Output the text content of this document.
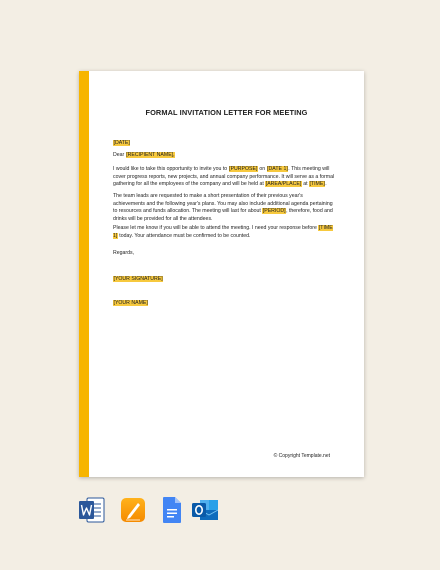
FORMAL INVITATION LETTER FOR MEETING
[DATE]
Dear [RECIPIENT NAME],
I would like to take this opportunity to invite you to [PURPOSE] on [DATE 1]. This meeting will cover progress reports, new projects, and annual company performance. It will serve as a formal gathering for all the employees of the company and will be held at [AREA/PLACE] at [TIME].
The team leads are requested to make a short presentation of their previous year's achievements and the following year's plans. You may also include additional agenda pertaining to resources and funds allocation. The meeting will last for about [PERIOD], therefore, food and drinks will be provided for all the attendees.
Please let me know if you will be able to attend the meeting. I need your response before [TIME 1] today. Your attendance must be confirmed to be counted.
Regards,
[YOUR SIGNATURE]
[YOUR NAME]
© Copyright Template.net
